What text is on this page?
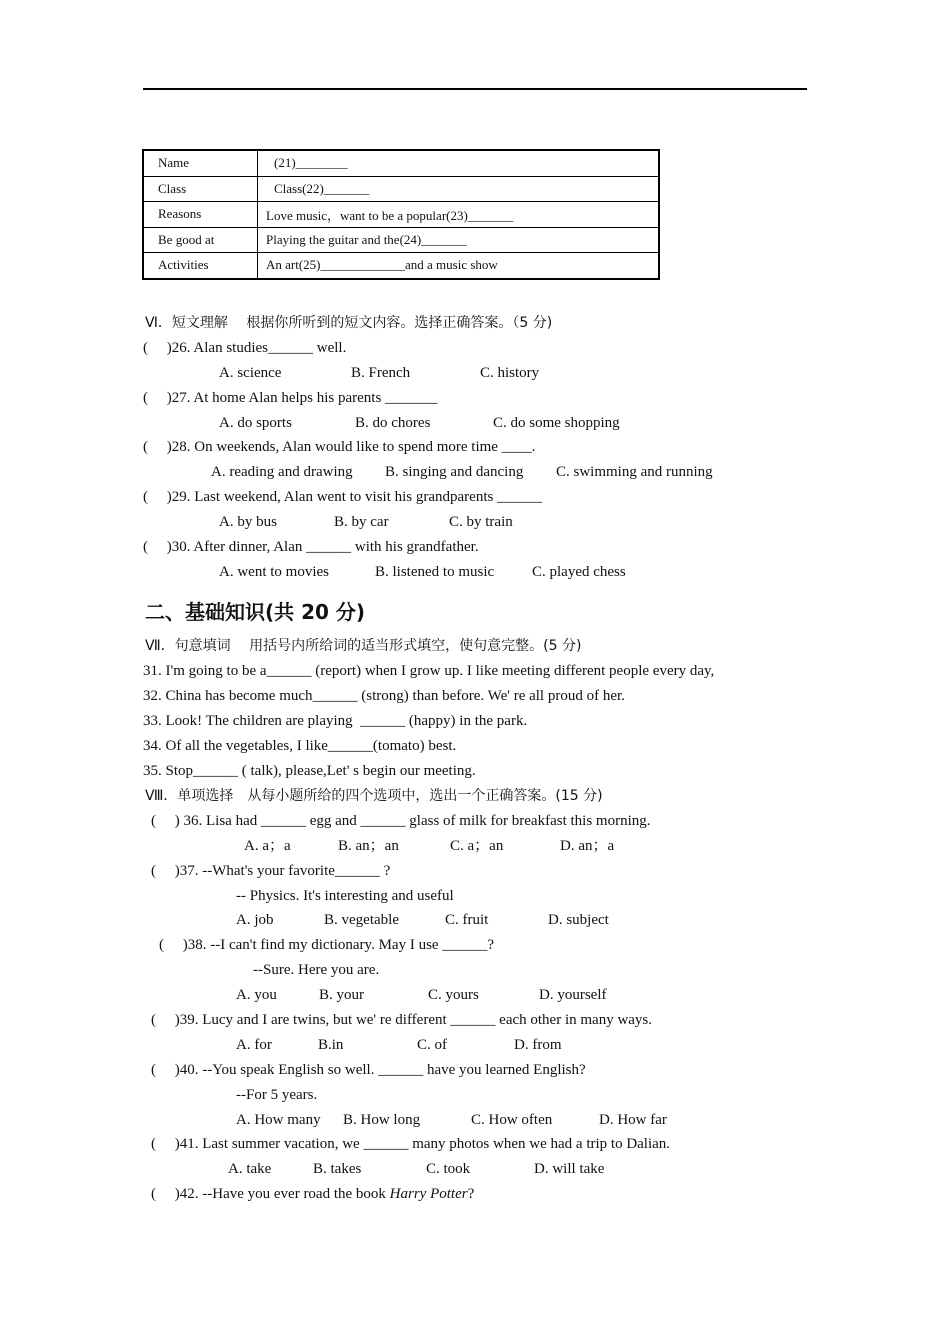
Name	(21)________
Class	Class(22)_______
Reasons	Love music，want to be a popular(23)_______
Be good at	Playing the guitar and the(24)_______
Activities	An art(25)_____________and a music show
Ⅵ．短文理解　 根据你所听到的短文内容。选择正确答案。（5 分)
(　 )26. Alan studies______ well.
A. science	B. French	C. history
(　 )27. At home Alan helps his parents _______
A. do sports	B. do chores	C. do some shopping
(　 )28. On weekends, Alan would like to spend more time ____.
A. reading and drawing B. singing and dancing C. swimming and running
(　 )29. Last weekend, Alan went to visit his grandparents ______
A. by bus	B. by car	C. by train
(　 )30. After dinner, Alan ______ with his grandfather.
A. went to movies	B. listened to music	C. played chess
二、基础知识(共 20 分)
Ⅶ．句意填词　 用括号内所给词的适当形式填空，使句意完整。(5 分)
31. I'm going to be a______ (report) when I grow up. I like meeting different people every day,
32. China has become much______ (strong) than before. We' re all proud of her.
33. Look! The children are playing  ______ (happy) in the park.
34. Of all the vegetables, I like______(tomato) best.
35. Stop______ ( talk), please,Let' s begin our meeting.
Ⅷ．单项选择　从每小题所给的四个选项中，选出一个正确答案。(15 分)
(　 ) 36. Lisa had ______ egg and ______ glass of milk for breakfast this morning.
A. a；a	B. an；an	C. a；an	D. an；a
(　 )37. --What's your favorite______ ?
-- Physics. It's interesting and useful
A. job	B. vegetable	C. fruit	D. subject
(　 )38. --I can't find my dictionary. May I use ______?
--Sure. Here you are.
A. you	B. your	C. yours	D. yourself
(　 )39. Lucy and I are twins, but we' re different ______ each other in many ways.
A. for	B.in	C. of	D. from
(　 )40. --You speak English so well. ______ have you learned English?
--For 5 years.
A. How many B. How long	C. How often	D. How far
(　 )41. Last summer vacation, we ______ many photos when we had a trip to Dalian.
A. take	B. takes	C. took	D. will take
(　 )42. --Have you ever road the book Harry Potter?
